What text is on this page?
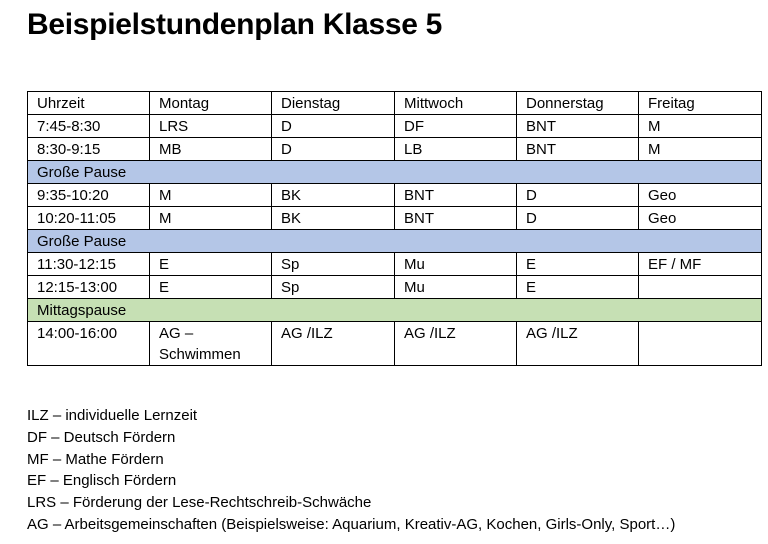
Beispielstundenplan Klasse 5
Uhrzeit	Montag	Dienstag	Mittwoch	Donnerstag	Freitag
7:45-8:30	LRS	D	DF	BNT	M
8:30-9:15	MB	D	LB	BNT	M
Große Pause					
9:35-10:20	M	BK	BNT	D	Geo
10:20-11:05	M	BK	BNT	D	Geo
Große Pause					
11:30-12:15	E	Sp	Mu	E	EF / MF
12:15-13:00	E	Sp	Mu	E	
Mittagspause					
14:00-16:00	AG – Schwimmen	AG /ILZ	AG /ILZ	AG /ILZ	
ILZ – individuelle Lernzeit
DF – Deutsch Fördern
MF – Mathe Fördern
EF – Englisch Fördern
LRS – Förderung der Lese-Rechtschreib-Schwäche
AG – Arbeitsgemeinschaften (Beispielsweise: Aquarium, Kreativ-AG, Kochen, Girls-Only, Sport…)
